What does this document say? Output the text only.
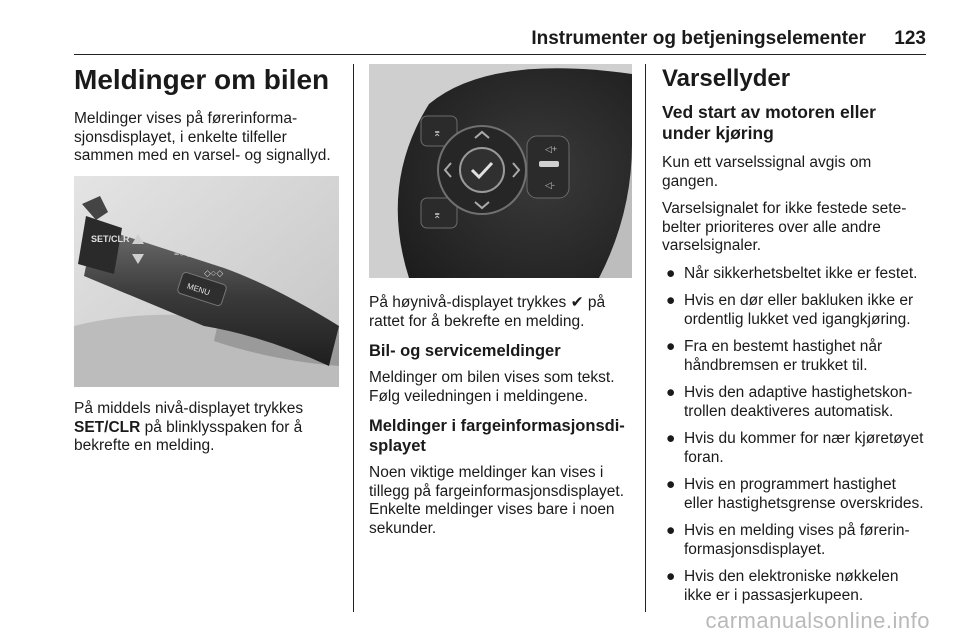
Instrumenter og betjeningselementer 123
Meldinger om bilen

Meldinger vises på førerinformasjonsdisplayet, i enkelte tilfeller sammen med en varsel- og signallyd.

SET/CLR
≡○◇
◇○◇
MENU

På middels nivå-displayet trykkes SET/CLR på blinklysspaken for å bekrefte en melding.

⌆
⌆
◁+
◁-

På høynivå-displayet trykkes ✔ på rattet for å bekrefte en melding.

Bil- og servicemeldinger

Meldinger om bilen vises som tekst. Følg veiledningen i meldingene.

Meldinger i fargeinformasjonsdisplayet

Noen viktige meldinger kan vises i tillegg på fargeinformasjonsdisplayet. Enkelte meldinger vises bare i noen sekunder.

Varsellyder
Ved start av motoren eller under kjøring

Kun ett varselssignal avgis om gangen.

Varselsignalet for ikke festede setebelter prioriteres over alle andre varselsignaler.

● Når sikkerhetsbeltet ikke er festet.
● Hvis en dør eller bakluken ikke er ordentlig lukket ved igangkjøring.
● Fra en bestemt hastighet når håndbremsen er trukket til.
● Hvis den adaptive hastighetskontrollen deaktiveres automatisk.
● Hvis du kommer for nær kjøretøyet foran.
● Hvis en programmert hastighet eller hastighetsgrense overskrides.
● Hvis en melding vises på førerinformasjonsdisplayet.
● Hvis den elektroniske nøkkelen ikke er i passasjerkupeen.
carmanualsonline.info
